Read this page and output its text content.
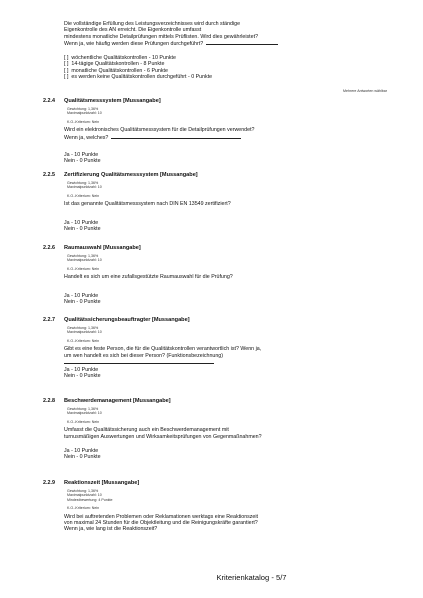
Die vollständige Erfüllung des Leistungsverzeichnisses wird durch ständige
Eigenkontrolle des AN erreicht. Die Eigenkontrolle umfasst
mindestens monatliche Detailprüfungen mittels Prüflisten. Wird dies gewährleistet?
Wenn ja, wie häufig werden diese Prüfungen durchgeführt?
[ ] wöchentliche Qualitätskontrollen - 10 Punkte
[ ] 14-tägige Qualitätskontrollen - 8 Punkte
[ ] monatliche Qualitätskontrollen - 6 Punkte
[ ] es werden keine Qualitätskontrollen durchgeführt - 0 Punkte
Mehrere Antworten wählbar
2.2.4 Qualitätsmesssystem [Mussangabe]
Gewichtung: 1,36%
Maximalpunktzahl: 10
K.O.-Kriterium: Nein
Wird ein elektronisches Qualitätsmesssystem für die Detailprüfungen verwendet?
Wenn ja, welches?
Ja - 10 Punkte
Nein - 0 Punkte
2.2.5 Zertifizierung Qualitätsmesssystem [Mussangabe]
Gewichtung: 1,36%
Maximalpunktzahl: 10
K.O.-Kriterium: Nein
Ist das genannte Qualitätsmesssystem nach DIN EN 13549 zertifiziert?
Ja - 10 Punkte
Nein - 0 Punkte
2.2.6 Raumauswahl [Mussangabe]
Gewichtung: 1,36%
Maximalpunktzahl: 10
K.O.-Kriterium: Nein
Handelt es sich um eine zufallsgestützte Raumauswahl für die Prüfung?
Ja - 10 Punkte
Nein - 0 Punkte
2.2.7 Qualitätssicherungsbeauftragter [Mussangabe]
Gewichtung: 1,36%
Maximalpunktzahl: 10
K.O.-Kriterium: Nein
Gibt es eine feste Person, die für die Qualitätskontrollen verantwortlich ist? Wenn ja,
um wen handelt es sich bei dieser Person? (Funktionsbezeichnung)
Ja - 10 Punkte
Nein - 0 Punkte
2.2.8 Beschwerdemanagement [Mussangabe]
Gewichtung: 1,36%
Maximalpunktzahl: 10
K.O.-Kriterium: Nein
Umfasst die Qualitätssicherung auch ein Beschwerdemanagement mit
turnusmäßigen Auswertungen und Wirksamkeitsprüfungen von Gegenmaßnahmen?
Ja - 10 Punkte
Nein - 0 Punkte
2.2.9 Reaktionszeit [Mussangabe]
Gewichtung: 1,36%
Maximalpunktzahl: 10
Mindestbewertung: 4 Punkte
K.O.-Kriterium: Nein
Wird bei auftretenden Problemen oder Reklamationen werktags eine Reaktionszeit
von maximal 24 Stunden für die Objektleitung und die Reinigungskräfte garantiert?
Wenn ja, wie lang ist die Reaktionszeit?
Kriterienkatalog - 5/7
